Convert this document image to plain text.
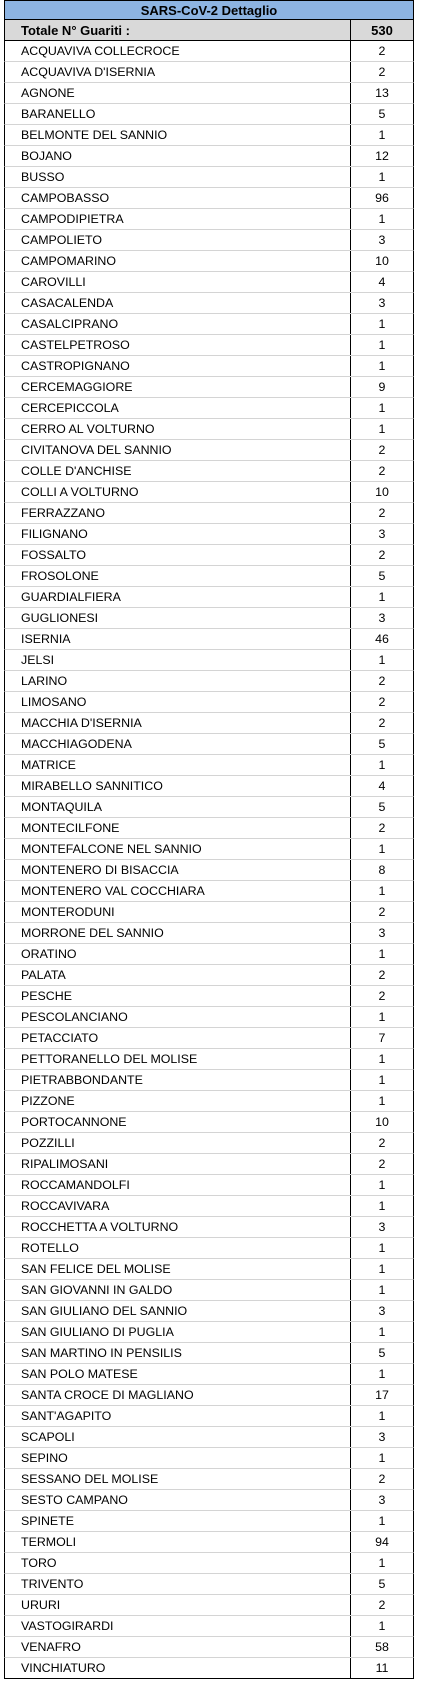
SARS-CoV-2 Dettaglio
Totale N° Guariti :	530
ACQUAVIVA COLLECROCE	2
ACQUAVIVA D'ISERNIA	2
AGNONE	13
BARANELLO	5
BELMONTE DEL SANNIO	1
BOJANO	12
BUSSO	1
CAMPOBASSO	96
CAMPODIPIETRA	1
CAMPOLIETO	3
CAMPOMARINO	10
CAROVILLI	4
CASACALENDA	3
CASALCIPRANO	1
CASTELPETROSO	1
CASTROPIGNANO	1
CERCEMAGGIORE	9
CERCEPICCOLA	1
CERRO AL VOLTURNO	1
CIVITANOVA DEL SANNIO	2
COLLE D'ANCHISE	2
COLLI A VOLTURNO	10
FERRAZZANO	2
FILIGNANO	3
FOSSALTO	2
FROSOLONE	5
GUARDIALFIERA	1
GUGLIONESI	3
ISERNIA	46
JELSI	1
LARINO	2
LIMOSANO	2
MACCHIA D'ISERNIA	2
MACCHIAGODENA	5
MATRICE	1
MIRABELLO SANNITICO	4
MONTAQUILA	5
MONTECILFONE	2
MONTEFALCONE NEL SANNIO	1
MONTENERO DI BISACCIA	8
MONTENERO VAL COCCHIARA	1
MONTERODUNI	2
MORRONE DEL SANNIO	3
ORATINO	1
PALATA	2
PESCHE	2
PESCOLANCIANO	1
PETACCIATO	7
PETTORANELLO DEL MOLISE	1
PIETRABBONDANTE	1
PIZZONE	1
PORTOCANNONE	10
POZZILLI	2
RIPALIMOSANI	2
ROCCAMANDOLFI	1
ROCCAVIVARA	1
ROCCHETTA A VOLTURNO	3
ROTELLO	1
SAN FELICE DEL MOLISE	1
SAN GIOVANNI IN GALDO	1
SAN GIULIANO DEL SANNIO	3
SAN GIULIANO DI PUGLIA	1
SAN MARTINO IN PENSILIS	5
SAN POLO MATESE	1
SANTA CROCE DI MAGLIANO	17
SANT'AGAPITO	1
SCAPOLI	3
SEPINO	1
SESSANO DEL MOLISE	2
SESTO CAMPANO	3
SPINETE	1
TERMOLI	94
TORO	1
TRIVENTO	5
URURI	2
VASTOGIRARDI	1
VENAFRO	58
VINCHIATURO	11
